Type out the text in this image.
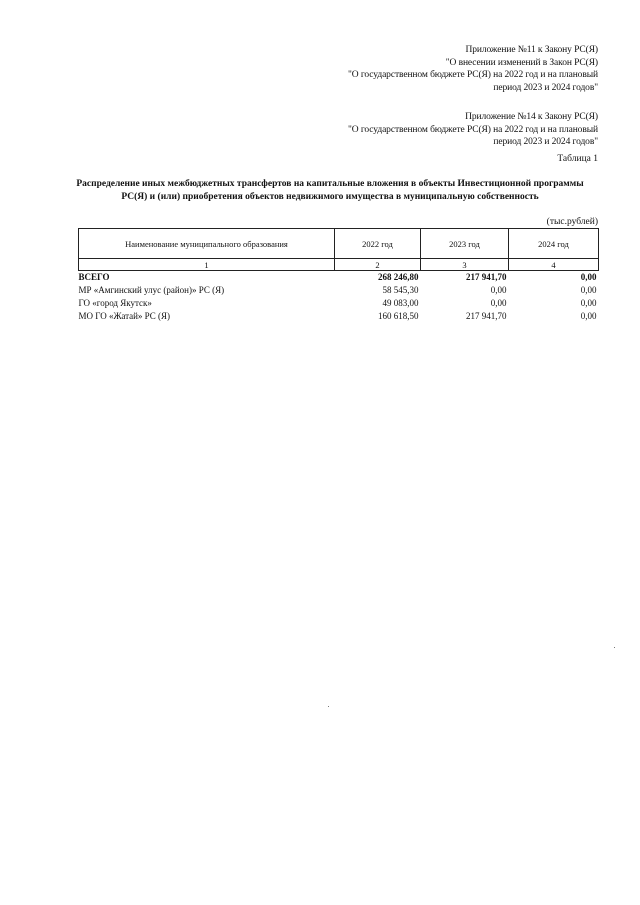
Приложение №11 к Закону РС(Я)
"О внесении изменений в Закон РС(Я)
"О государственном бюджете РС(Я) на 2022 год и на плановый
период 2023 и 2024 годов"
Приложение №14 к Закону РС(Я)
"О государственном бюджете РС(Я) на 2022 год и на плановый
период 2023 и 2024 годов"
Таблица 1
Распределение иных межбюджетных трансфертов на капитальные вложения в объекты Инвестиционной программы
РС(Я) и (или) приобретения объектов недвижимого имущества в муниципальную собственность
(тыс.рублей)
Наименование муниципального образования	2022 год	2023 год	2024 год
1	2	3	4
ВСЕГО	268 246,80	217 941,70	0,00
МР «Амгинский улус (район)» РС (Я)	58 545,30	0,00	0,00
ГО «город Якутск»	49 083,00	0,00	0,00
МО ГО «Жатай» РС (Я)	160 618,50	217 941,70	0,00
